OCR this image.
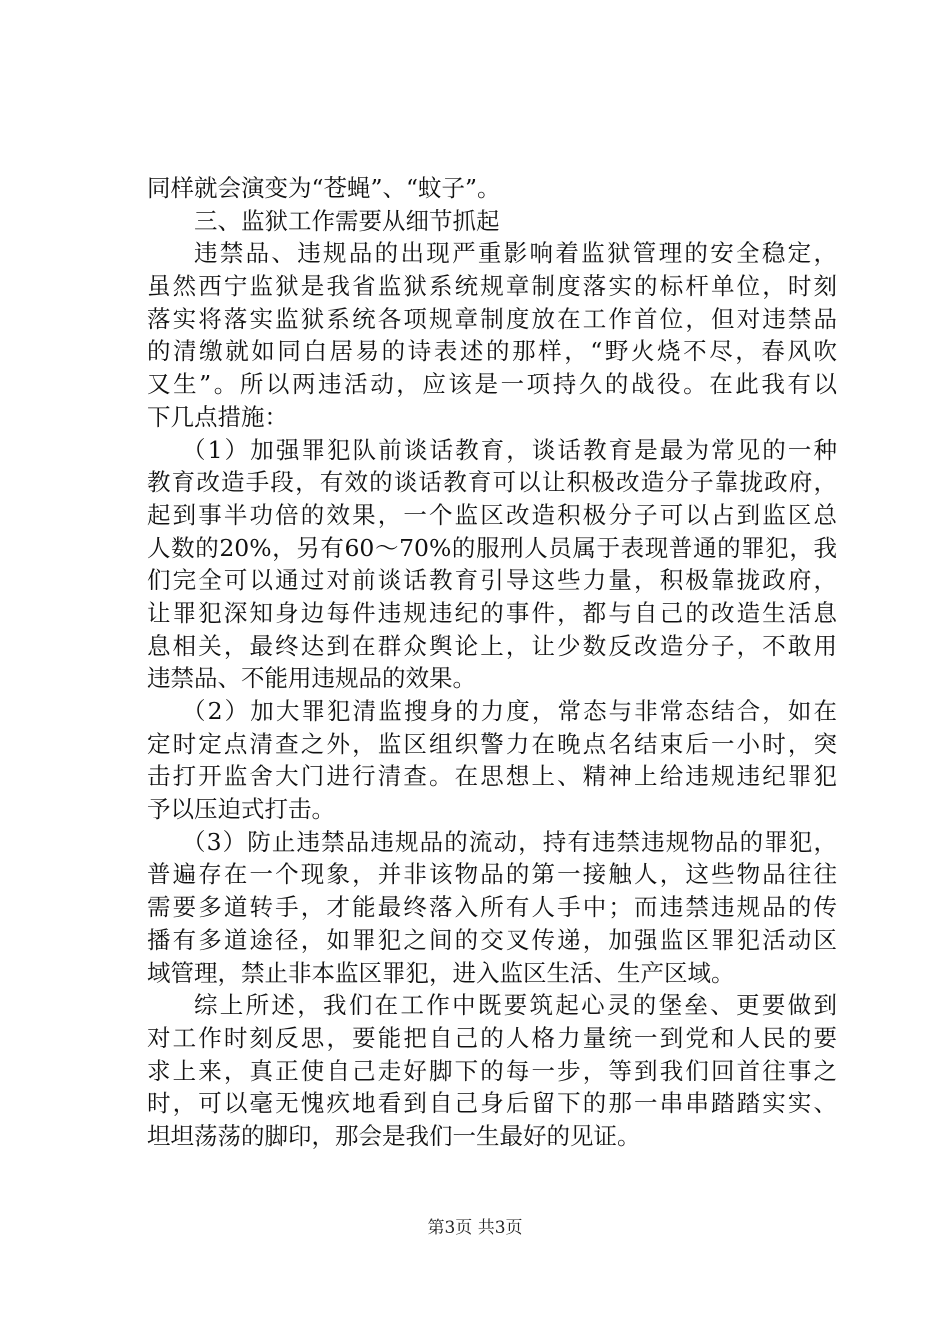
同样就会演变为“苍蝇”、“蚊子”。
三、监狱工作需要从细节抓起
违禁品、违规品的出现严重影响着监狱管理的安全稳定，
虽然西宁监狱是我省监狱系统规章制度落实的标杆单位，时刻
落实将落实监狱系统各项规章制度放在工作首位，但对违禁品
的清缴就如同白居易的诗表述的那样，“野火烧不尽，春风吹
又生”。所以两违活动，应该是一项持久的战役。在此我有以
下几点措施：
（1）加强罪犯队前谈话教育，谈话教育是最为常见的一种
教育改造手段，有效的谈话教育可以让积极改造分子靠拢政府，
起到事半功倍的效果，一个监区改造积极分子可以占到监区总
人数的20%，另有60～70%的服刑人员属于表现普通的罪犯，我
们完全可以通过对前谈话教育引导这些力量，积极靠拢政府，
让罪犯深知身边每件违规违纪的事件，都与自己的改造生活息
息相关，最终达到在群众舆论上，让少数反改造分子，不敢用
违禁品、不能用违规品的效果。
（2）加大罪犯清监搜身的力度，常态与非常态结合，如在
定时定点清查之外，监区组织警力在晚点名结束后一小时，突
击打开监舍大门进行清查。在思想上、精神上给违规违纪罪犯
予以压迫式打击。
（3）防止违禁品违规品的流动，持有违禁违规物品的罪犯，
普遍存在一个现象，并非该物品的第一接触人，这些物品往往
需要多道转手，才能最终落入所有人手中；而违禁违规品的传
播有多道途径，如罪犯之间的交叉传递，加强监区罪犯活动区
域管理，禁止非本监区罪犯，进入监区生活、生产区域。
综上所述，我们在工作中既要筑起心灵的堡垒、更要做到
对工作时刻反思，要能把自己的人格力量统一到党和人民的要
求上来，真正使自己走好脚下的每一步，等到我们回首往事之
时，可以毫无愧疚地看到自己身后留下的那一串串踏踏实实、
坦坦荡荡的脚印，那会是我们一生最好的见证。
第3页 共3页
